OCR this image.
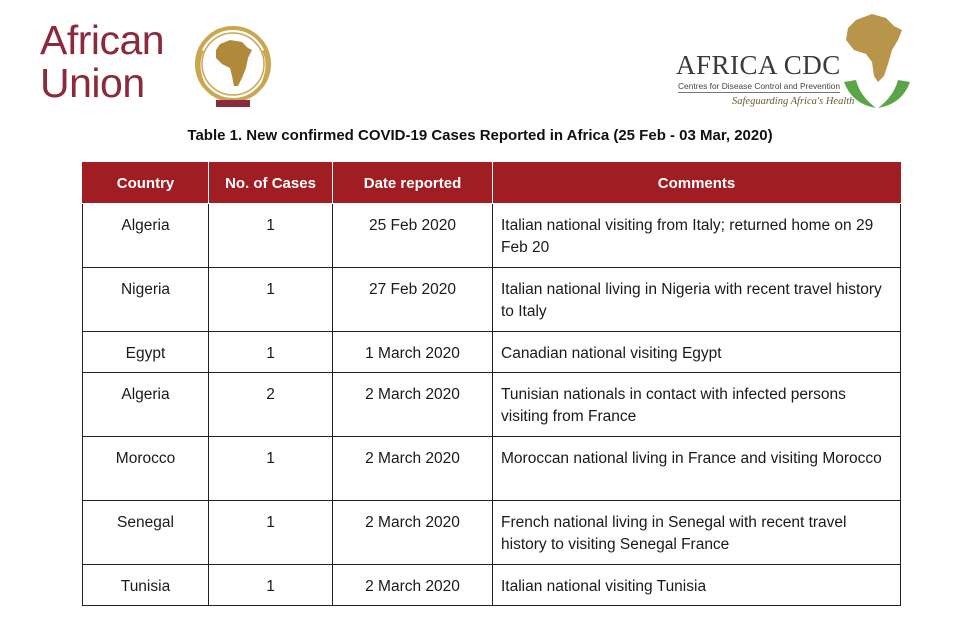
African
Union	AFRICA CDC
Centres for Disease Control and Prevention
Safeguarding Africa's Health
Table 1. New confirmed COVID-19 Cases Reported in Africa (25 Feb - 03 Mar, 2020)
Country	No. of Cases	Date reported	Comments
Algeria	1	25 Feb 2020	Italian national visiting from Italy; returned home on 29 Feb 20
Nigeria	1	27 Feb 2020	Italian national living in Nigeria with recent travel history to Italy
Egypt	1	1 March 2020	Canadian national visiting Egypt
Algeria	2	2 March 2020	Tunisian nationals in contact with infected persons visiting from France
Morocco	1	2 March 2020	Moroccan national living in France and visiting Morocco
Senegal	1	2 March 2020	French national living in Senegal with recent travel history to visiting Senegal France
Tunisia	1	2 March 2020	Italian national visiting Tunisia
